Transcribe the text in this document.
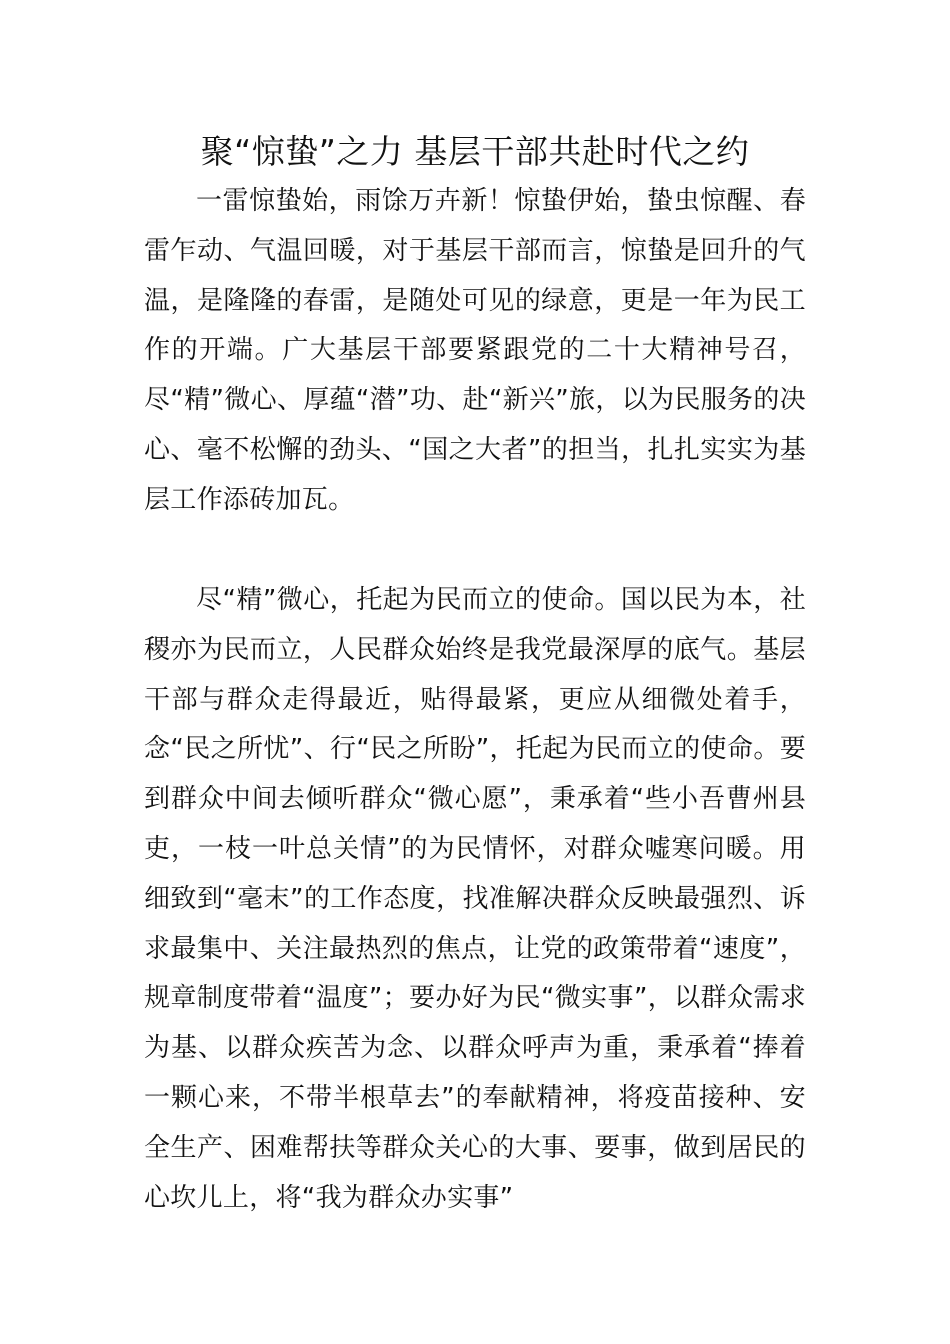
聚“惊蛰”之力 基层干部共赴时代之约

一雷惊蛰始，雨馀万卉新！惊蛰伊始，蛰虫惊醒、春雷乍动、气温回暖，对于基层干部而言，惊蛰是回升的气温，是隆隆的春雷，是随处可见的绿意，更是一年为民工作的开端。广大基层干部要紧跟党的二十大精神号召，尽“精”微心、厚蕴“潜”功、赴“新兴”旅，以为民服务的决心、毫不松懈的劲头、“国之大者”的担当，扎扎实实为基层工作添砖加瓦。

尽“精”微心，托起为民而立的使命。国以民为本，社稷亦为民而立，人民群众始终是我党最深厚的底气。基层干部与群众走得最近，贴得最紧，更应从细微处着手，念“民之所忧”、行“民之所盼”，托起为民而立的使命。要到群众中间去倾听群众“微心愿”，秉承着“些小吾曹州县吏，一枝一叶总关情”的为民情怀，对群众嘘寒问暖。用细致到“毫末”的工作态度，找准解决群众反映最强烈、诉求最集中、关注最热烈的焦点，让党的政策带着“速度”，规章制度带着“温度”；要办好为民“微实事”，以群众需求为基、以群众疾苦为念、以群众呼声为重，秉承着“捧着一颗心来，不带半根草去”的奉献精神，将疫苗接种、安全生产、困难帮扶等群众关心的大事、要事，做到居民的心坎儿上，将“我为群众办实事”
